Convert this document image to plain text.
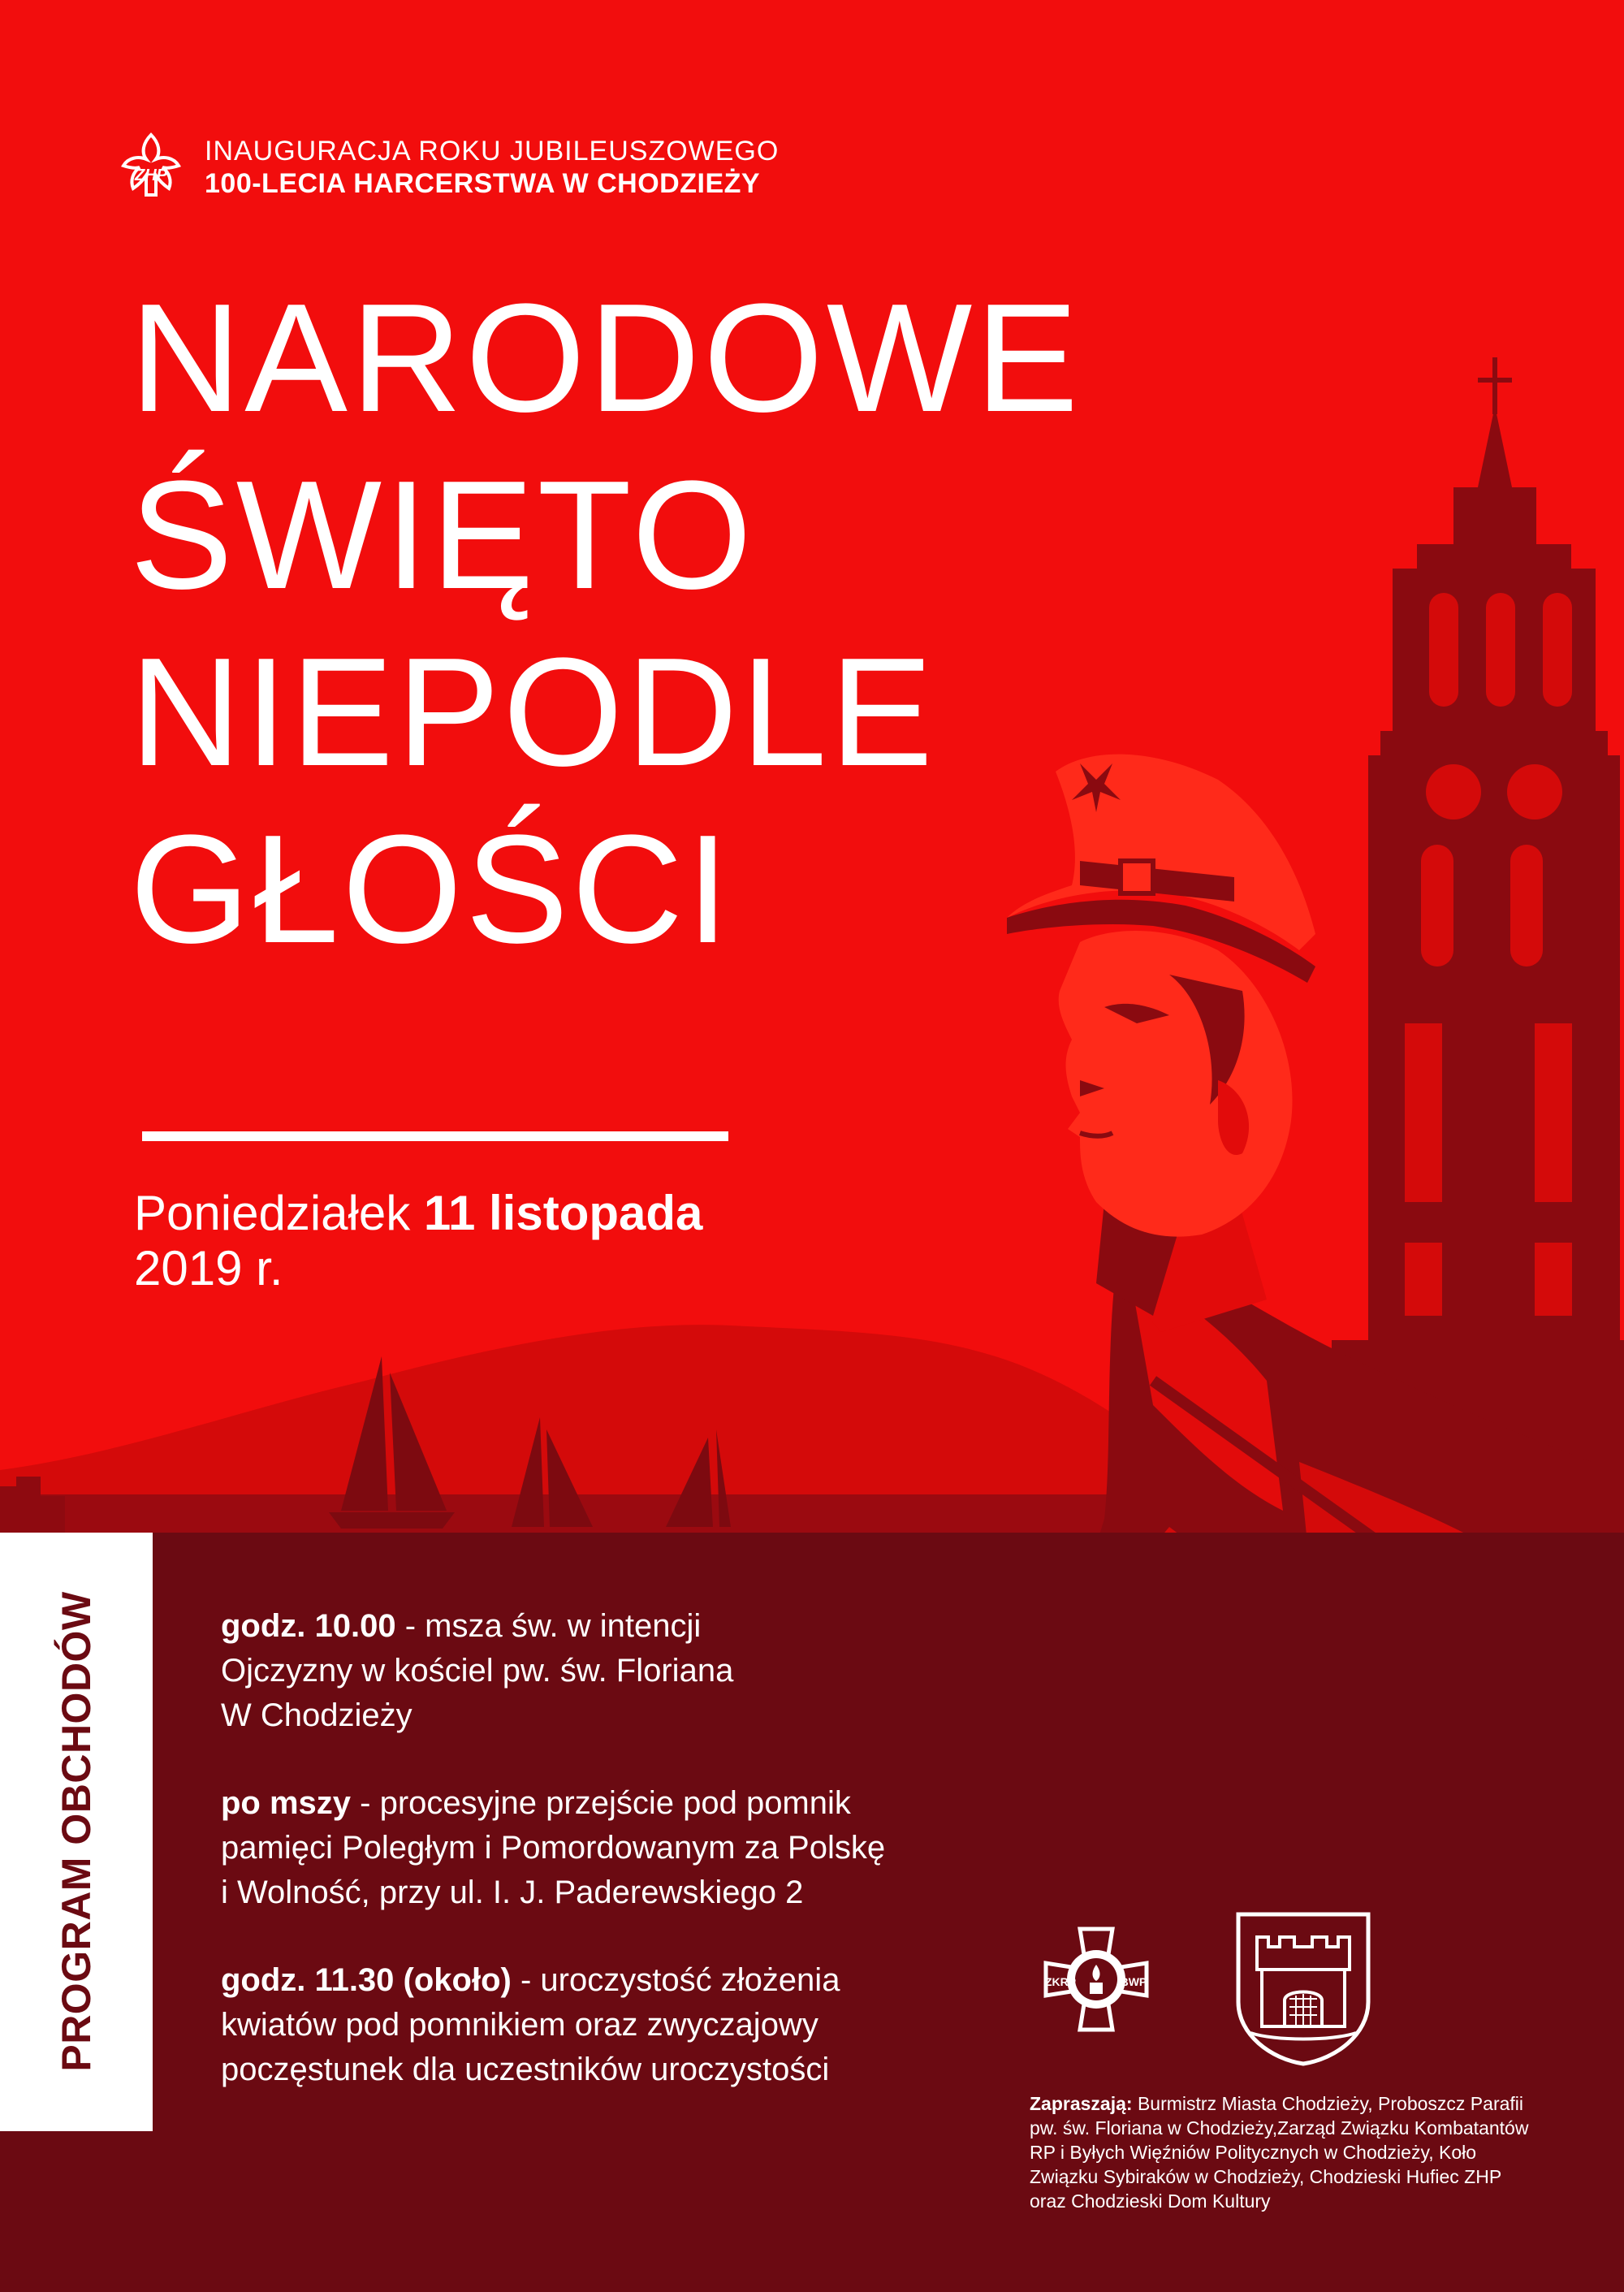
ZHP
INAUGURACJA ROKU JUBILEUSZOWEGO
100-LECIA HARCERSTWA W CHODZIEŻY
NARODOWE
ŚWIĘTO
NIEPODLE
GŁOŚCI
Poniedziałek 11 listopada
2019 r.
PROGRAM OBCHODÓW	godz. 10.00 - msza św. w intencji
Ojczyzny w kościel pw. św. Floriana
W Chodzieży
po mszy - procesyjne przejście pod pomnik
pamięci Poległym i Pomordowanym za Polskę
i Wolność, przy ul. I. J. Paderewskiego 2
godz. 11.30 (około) - uroczystość złożenia
kwiatów pod pomnikiem oraz zwyczajowy
poczęstunek dla uczestników uroczystości
ZKRP	iBWP
Zapraszają: Burmistrz Miasta Chodzieży, Proboszcz Parafii
pw. św. Floriana w Chodzieży,Zarząd Związku Kombatantów
RP i Byłych Więźniów Politycznych w Chodzieży, Koło
Związku Sybiraków w Chodzieży, Chodzieski Hufiec ZHP
oraz Chodzieski Dom Kultury
